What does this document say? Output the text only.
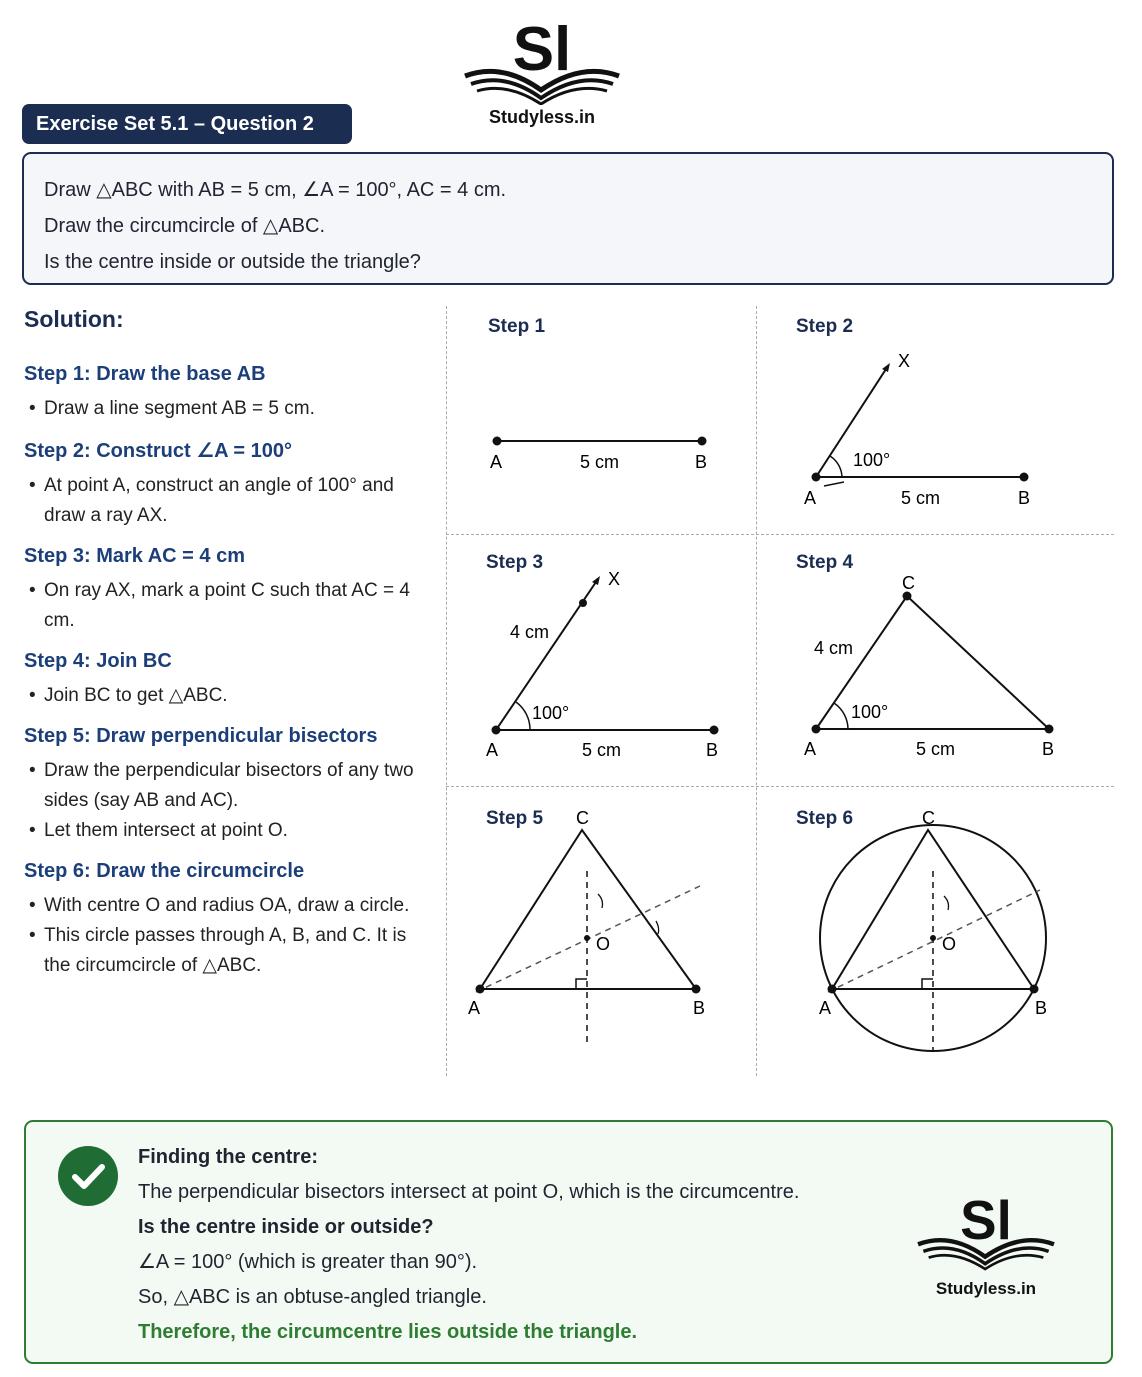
Sl
Studyless.in
Exercise Set 5.1 – Question 2
Draw △ABC with AB = 5 cm, ∠A = 100°, AC = 4 cm.
Draw the circumcircle of △ABC.
Is the centre inside or outside the triangle?
Solution:
Step 1: Draw the base AB
• Draw a line segment AB = 5 cm.
Step 2: Construct ∠A = 100°
• At point A, construct an angle of 100° and draw a ray AX.
Step 3: Mark AC = 4 cm
• On ray AX, mark a point C such that AC = 4 cm.
Step 4: Join BC
• Join BC to get △ABC.
Step 5: Draw perpendicular bisectors
• Draw the perpendicular bisectors of any two sides (say AB and AC).
• Let them intersect at point O.
Step 6: Draw the circumcircle
• With centre O and radius OA, draw a circle.
• This circle passes through A, B, and C. It is the circumcircle of △ABC.
Step 1
A	B
5 cm
Step 2
X
100°
A	B
5 cm
Step 3
X
4 cm
100°
A	B
5 cm
Step 4
C
4 cm
100°
A	B
5 cm
Step 5 C
O
A	B
Step 6	C
O
A	B
Finding the centre:
The perpendicular bisectors intersect at point O, which is the circumcentre.
Is the centre inside or outside?
∠A = 100° (which is greater than 90°).
So, △ABC is an obtuse-angled triangle.
Therefore, the circumcentre lies outside the triangle.
Sl
Studyless.in
